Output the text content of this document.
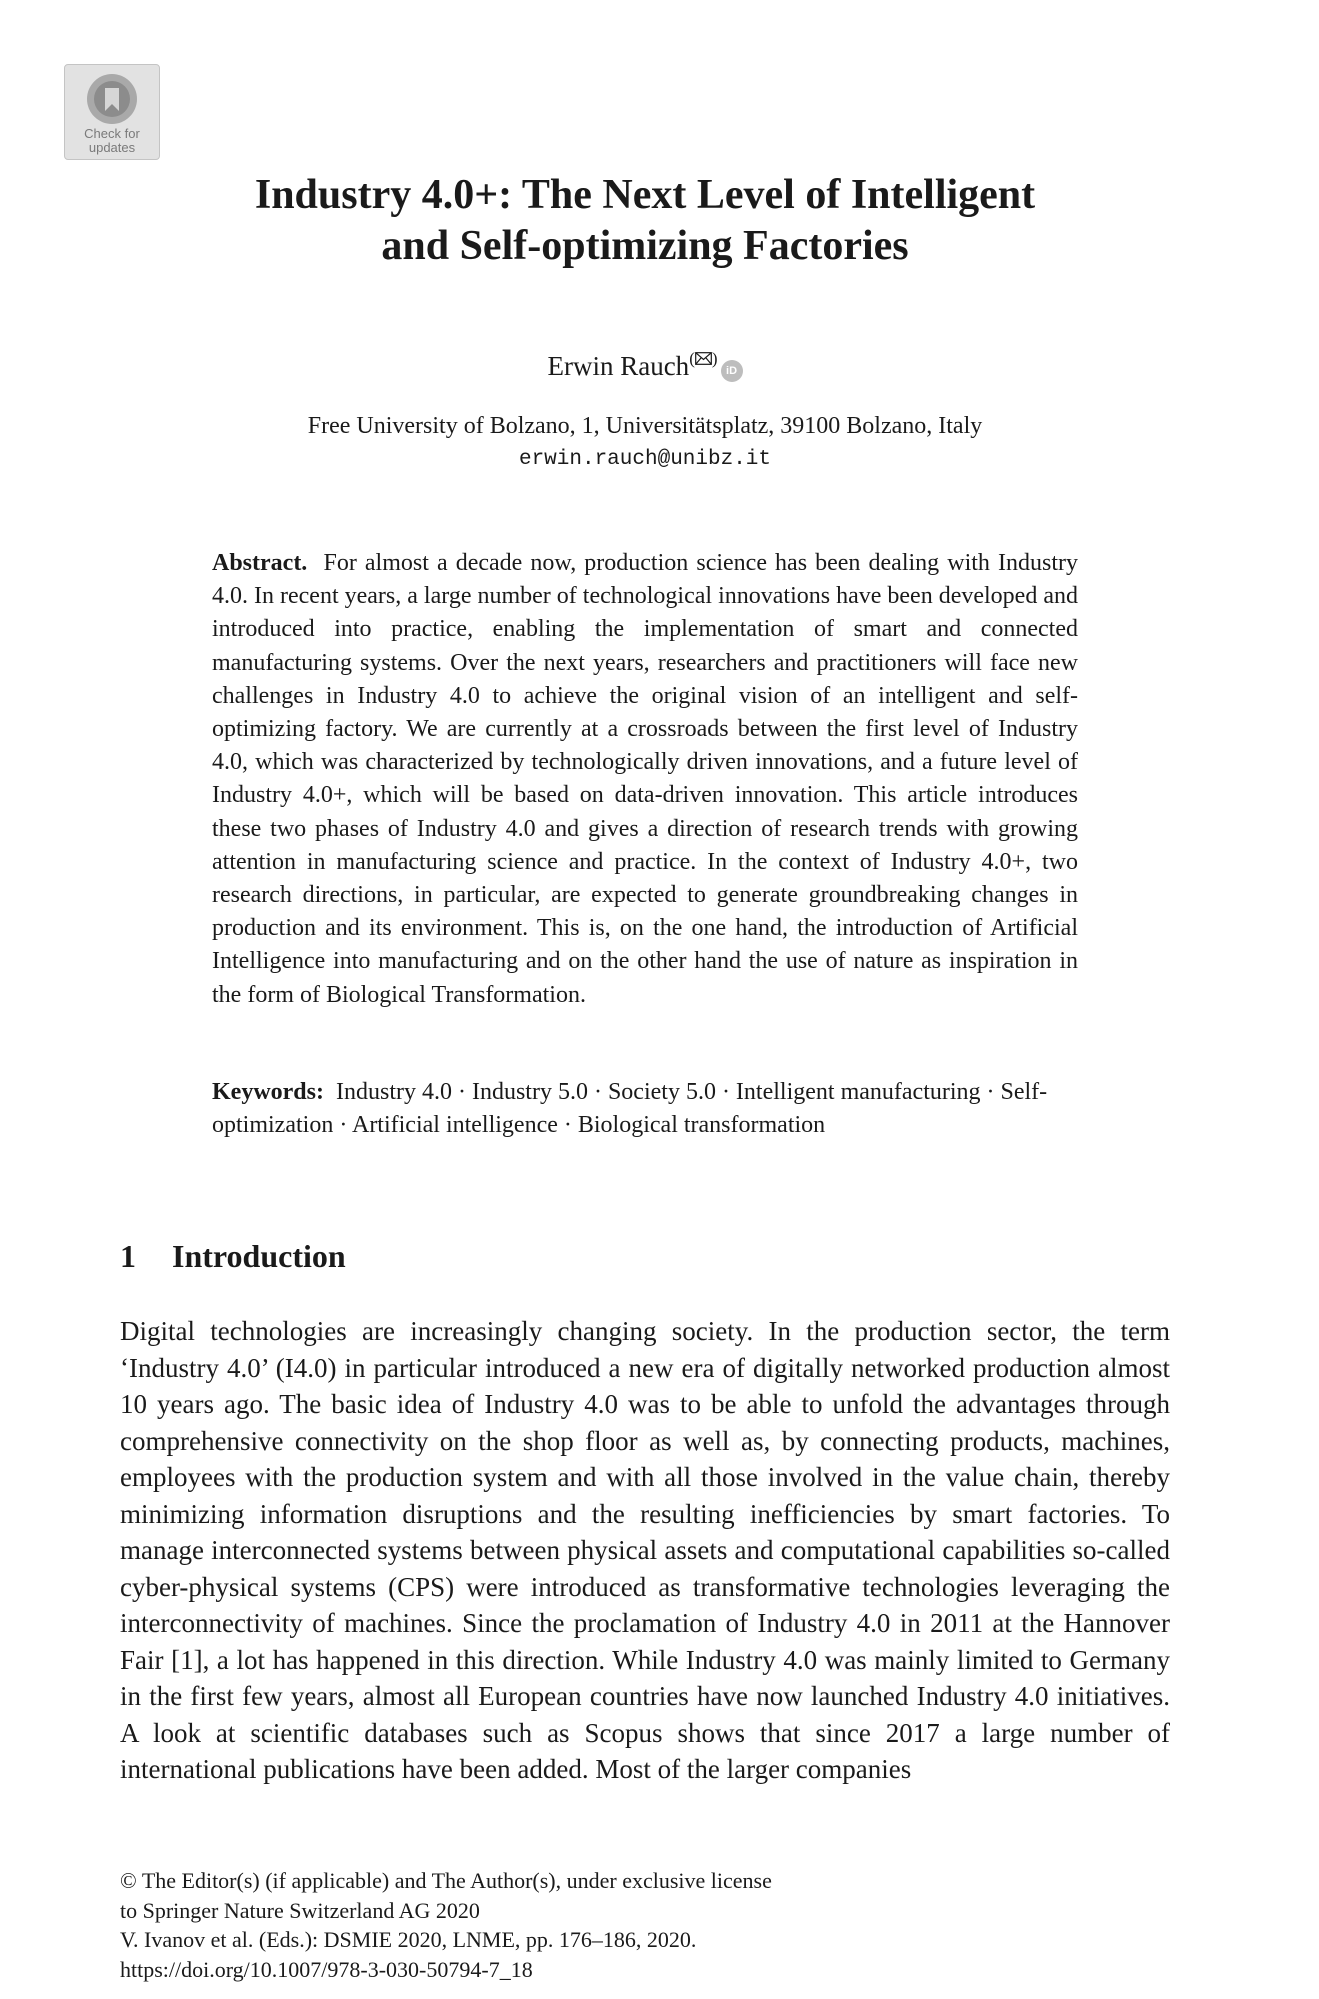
Check for
updates
Industry 4.0+: The Next Level of Intelligent
and Self-optimizing Factories
Erwin Rauch( )iD
Free University of Bolzano, 1, Universitätsplatz, 39100 Bolzano, Italy
erwin.rauch@unibz.it

Abstract. For almost a decade now, production science has been dealing with Industry 4.0. In recent years, a large number of technological innovations have been developed and introduced into practice, enabling the implementation of smart and connected manufacturing systems. Over the next years, researchers and practitioners will face new challenges in Industry 4.0 to achieve the original vision of an intelligent and self-optimizing factory. We are currently at a crossroads between the first level of Industry 4.0, which was characterized by technologically driven innovations, and a future level of Industry 4.0+, which will be based on data-driven innovation. This article introduces these two phases of Industry 4.0 and gives a direction of research trends with growing attention in manufacturing science and practice. In the context of Industry 4.0+, two research directions, in particular, are expected to generate groundbreaking changes in production and its environment. This is, on the one hand, the introduction of Artificial Intelligence into manufacturing and on the other hand the use of nature as inspiration in the form of Biological Transformation.

Keywords: Industry 4.0 · Industry 5.0 · Society 5.0 · Intelligent manufacturing · Self-optimization · Artificial intelligence · Biological transformation

1 Introduction

Digital technologies are increasingly changing society. In the production sector, the term ‘Industry 4.0’ (I4.0) in particular introduced a new era of digitally networked production almost 10 years ago. The basic idea of Industry 4.0 was to be able to unfold the advantages through comprehensive connectivity on the shop floor as well as, by connecting products, machines, employees with the production system and with all those involved in the value chain, thereby minimizing information disruptions and the resulting inefficiencies by smart factories. To manage interconnected systems between physical assets and computational capabilities so-called cyber-physical systems (CPS) were introduced as transformative technologies leveraging the interconnectivity of machines. Since the proclamation of Industry 4.0 in 2011 at the Hannover Fair [1], a lot has happened in this direction. While Industry 4.0 was mainly limited to Germany in the first few years, almost all European countries have now launched Industry 4.0 initiatives. A look at scientific databases such as Scopus shows that since 2017 a large number of international publications have been added. Most of the larger companies

© The Editor(s) (if applicable) and The Author(s), under exclusive license
to Springer Nature Switzerland AG 2020
V. Ivanov et al. (Eds.): DSMIE 2020, LNME, pp. 176–186, 2020.
https://doi.org/10.1007/978-3-030-50794-7_18
